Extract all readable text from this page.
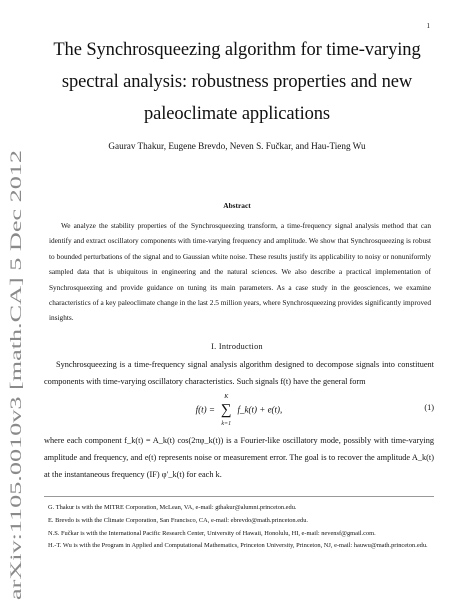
1
arXiv:1105.0010v3 [math.CA] 5 Dec 2012
The Synchrosqueezing algorithm for time-varying spectral analysis: robustness properties and new paleoclimate applications
Gaurav Thakur, Eugene Brevdo, Neven S. Fučkar, and Hau-Tieng Wu
Abstract
We analyze the stability properties of the Synchrosqueezing transform, a time-frequency signal analysis method that can identify and extract oscillatory components with time-varying frequency and amplitude. We show that Synchrosqueezing is robust to bounded perturbations of the signal and to Gaussian white noise. These results justify its applicability to noisy or nonuniformly sampled data that is ubiquitous in engineering and the natural sciences. We also describe a practical implementation of Synchrosqueezing and provide guidance on tuning its main parameters. As a case study in the geosciences, we examine characteristics of a key paleoclimate change in the last 2.5 million years, where Synchrosqueezing provides significantly improved insights.
I. Introduction
Synchrosqueezing is a time-frequency signal analysis algorithm designed to decompose signals into constituent components with time-varying oscillatory characteristics. Such signals f(t) have the general form
f(t) =
K
∑
k=1
f_k(t) + e(t),	(1)
where each component f_k(t) = A_k(t) cos(2πφ_k(t)) is a Fourier-like oscillatory mode, possibly with time-varying amplitude and frequency, and e(t) represents noise or measurement error. The goal is to recover the amplitude A_k(t) at the instantaneous frequency (IF) φ′_k(t) for each k.
G. Thakur is with the MITRE Corporation, McLean, VA, e-mail: gthakur@alumni.princeton.edu.
E. Brevdo is with the Climate Corporation, San Francisco, CA, e-mail: ebrevdo@math.princeton.edu.
N.S. Fučkar is with the International Pacific Research Center, University of Hawaii, Honolulu, HI, e-mail: nevensf@gmail.com.
H.-T. Wu is with the Program in Applied and Computational Mathematics, Princeton University, Princeton, NJ, e-mail: hauwu@math.princeton.edu.
